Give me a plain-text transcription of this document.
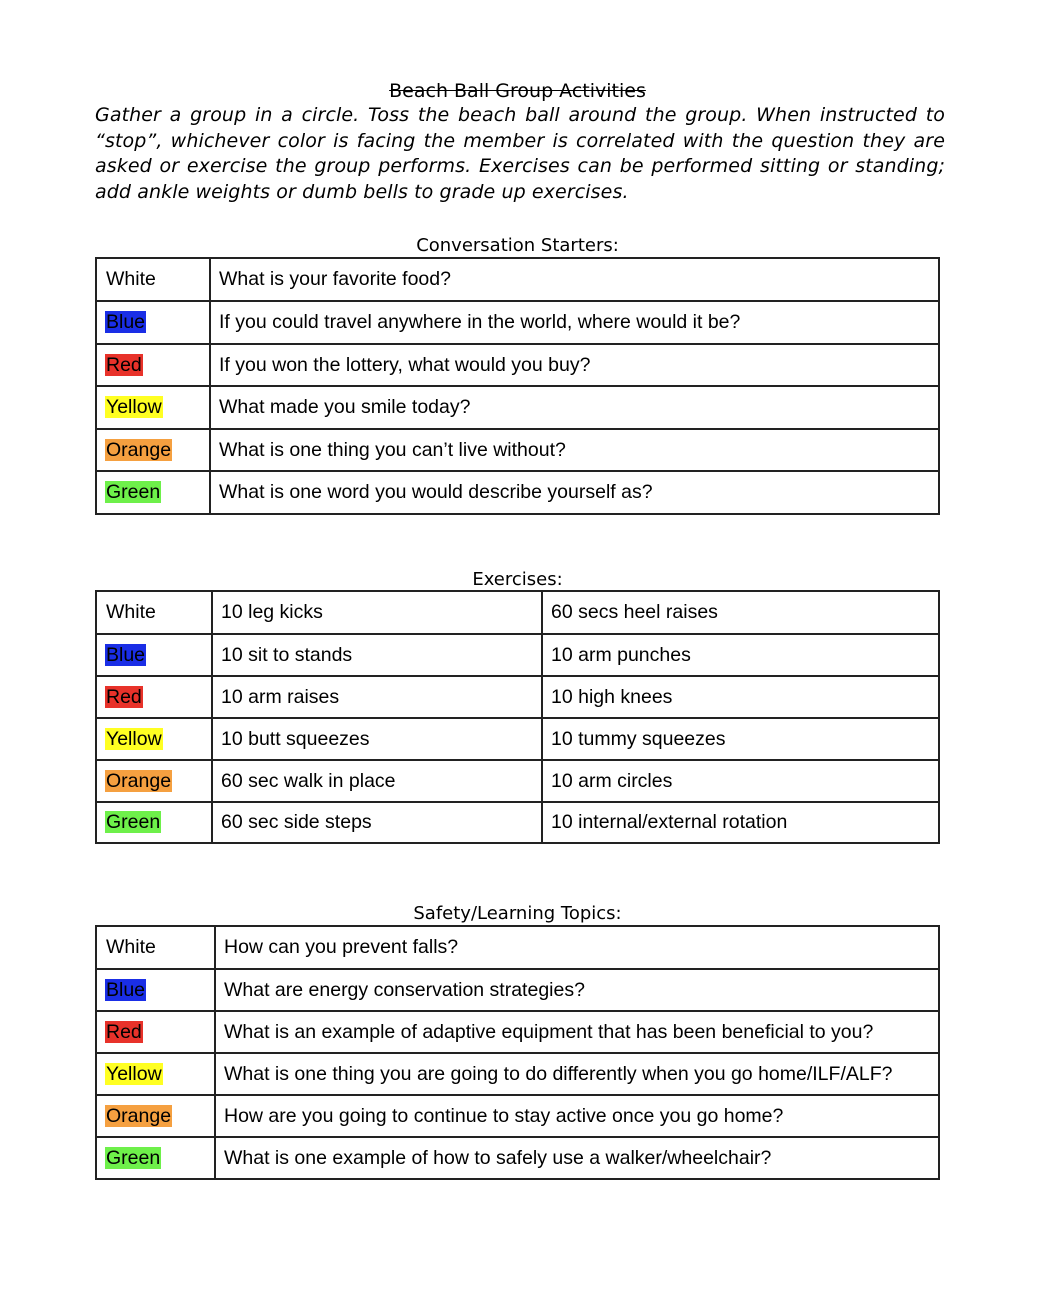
Beach Ball Group Activities
Gather a group in a circle. Toss the beach ball around the group. When instructed to “stop”, whichever color is facing the member is correlated with the question they are asked or exercise the group performs. Exercises can be performed sitting or standing; add ankle weights or dumb bells to grade up exercises.
Conversation Starters:
White	What is your favorite food?
Blue	If you could travel anywhere in the world, where would it be?
Red	If you won the lottery, what would you buy?
Yellow	What made you smile today?
Orange	What is one thing you can’t live without?
Green	What is one word you would describe yourself as?
Exercises:
White	10 leg kicks	60 secs heel raises
Blue	10 sit to stands	10 arm punches
Red	10 arm raises	10 high knees
Yellow	10 butt squeezes	10 tummy squeezes
Orange	60 sec walk in place	10 arm circles
Green	60 sec side steps	10 internal/external rotation
Safety/Learning Topics:
White	How can you prevent falls?
Blue	What are energy conservation strategies?
Red	What is an example of adaptive equipment that has been beneficial to you?
Yellow	What is one thing you are going to do differently when you go home/ILF/ALF?
Orange	How are you going to continue to stay active once you go home?
Green	What is one example of how to safely use a walker/wheelchair?
